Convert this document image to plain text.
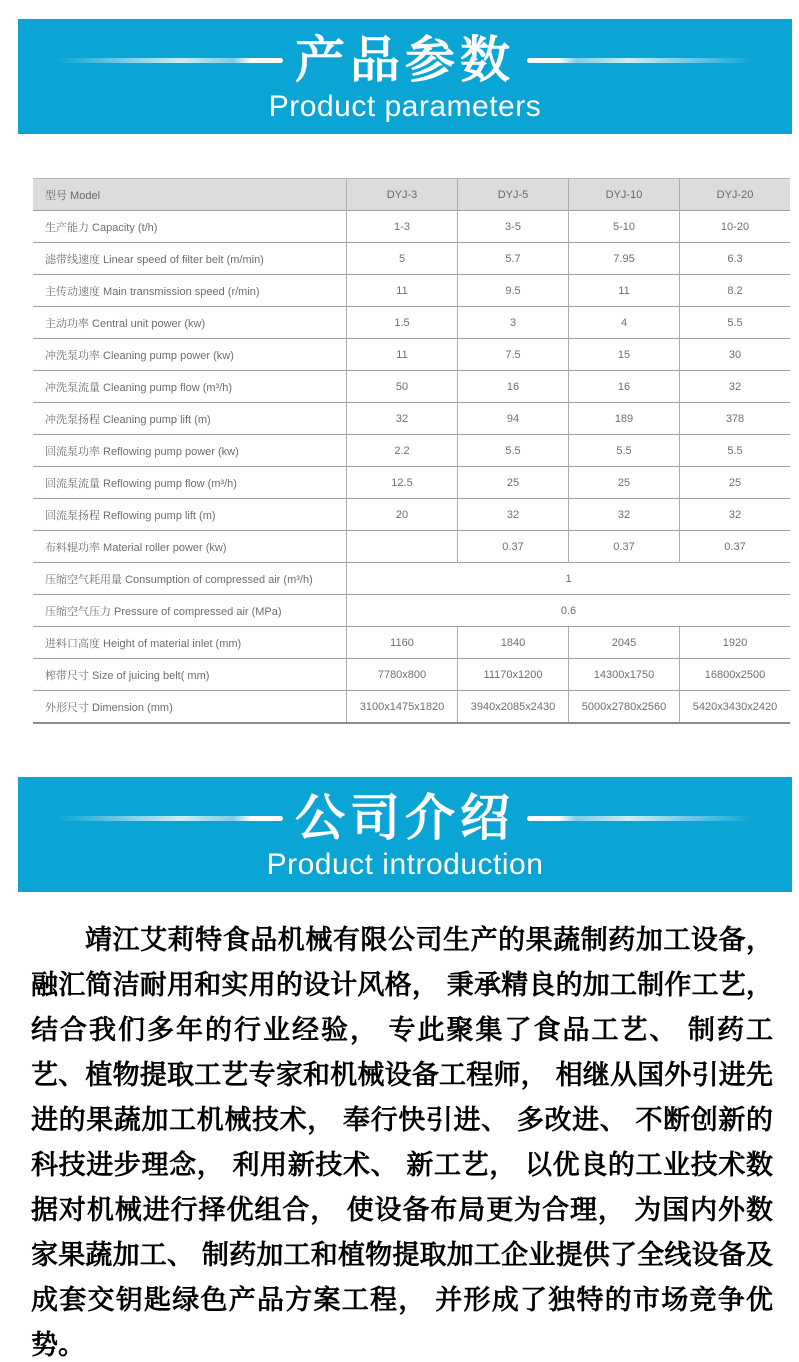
产品参数
Product parameters
型号 Model	DYJ-3	DYJ-5	DYJ-10	DYJ-20
生产能力 Capacity (t/h)	1-3	3-5	5-10	10-20
滤带线速度 Linear speed of filter belt (m/min)	5	5.7	7.95	6.3
主传动速度 Main transmission speed (r/min)	11	9.5	11	8.2
主动功率 Central unit power (kw)	1.5	3	4	5.5
冲洗泵功率 Cleaning pump power (kw)	11	7.5	15	30
冲洗泵流量 Cleaning pump flow (m³/h)	50	16	16	32
冲洗泵扬程 Cleaning pump lift (m)	32	94	189	378
回流泵功率 Reflowing pump power (kw)	2.2	5.5	5.5	5.5
回流泵流量 Reflowing pump flow (m³/h)	12.5	25	25	25
回流泵扬程 Reflowing pump lift (m)	20	32	32	32
布料辊功率 Material roller power (kw)		0.37	0.37	0.37
压缩空气耗用量 Consumption of compressed air (m³/h)	1			
压缩空气压力 Pressure of compressed air (MPa)	0.6			
进料口高度 Height of material inlet (mm)	1160	1840	2045	1920
榨带尺寸 Size of juicing belt( mm)	7780x800	11170x1200	14300x1750	16800x2500
外形尺寸 Dimension (mm)	3100x1475x1820	3940x2085x2430	5000x2780x2560	5420x3430x2420
公司介绍
Product introduction

靖江艾莉特食品机械有限公司生产的果蔬制药加工设备，融汇简洁耐用和实用的设计风格， 秉承精良的加工制作工艺，结合我们多年的行业经验， 专此聚集了食品工艺、 制药工艺、植物提取工艺专家和机械设备工程师， 相继从国外引进先进的果蔬加工机械技术， 奉行快引进、 多改进、 不断创新的科技进步理念， 利用新技术、 新工艺， 以优良的工业技术数据对机械进行择优组合， 使设备布局更为合理， 为国内外数家果蔬加工、 制药加工和植物提取加工企业提供了全线设备及成套交钥匙绿色产品方案工程， 并形成了独特的市场竞争优势。
